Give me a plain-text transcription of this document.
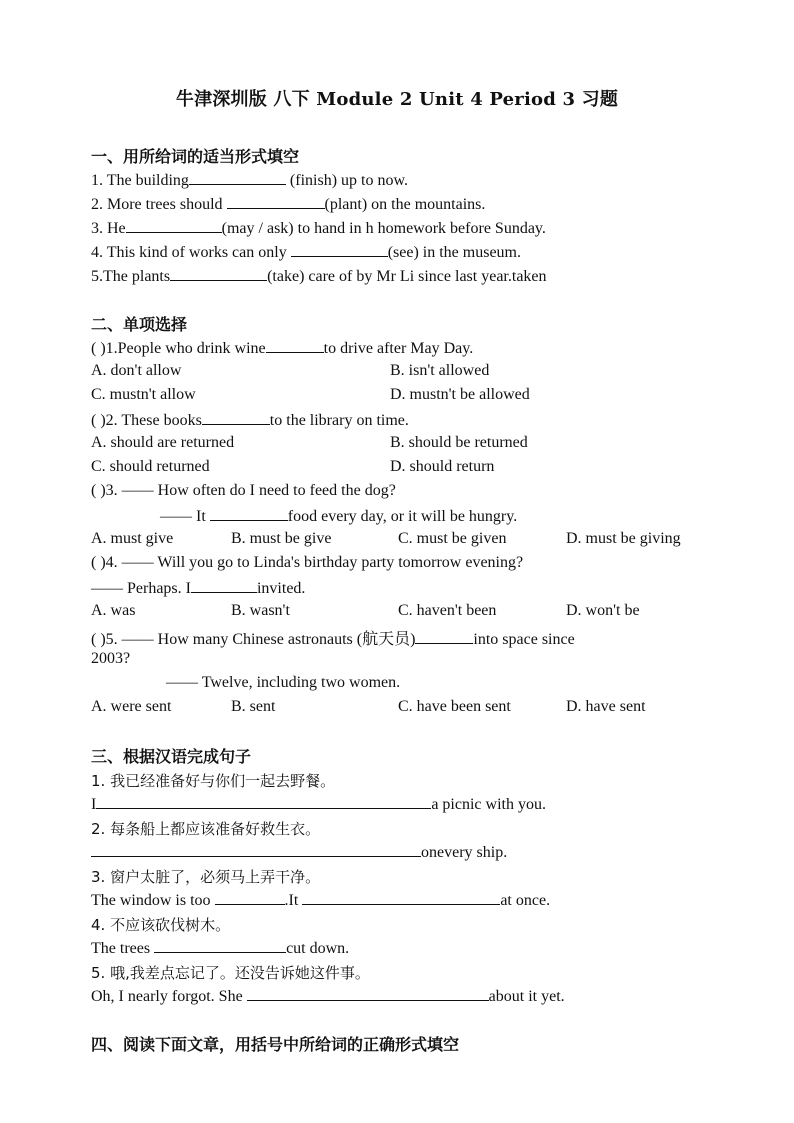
牛津深圳版 八下 Module 2 Unit 4 Period 3 习题
一、用所给词的适当形式填空
1. The building	(finish) up to now.
2. More trees should	(plant) on the mountains.
3. He	(may / ask) to hand in h homework before Sunday.
4. This kind of works can only	(see) in the museum.
5.The plants	(take) care of by Mr Li since last year.taken
二、单项选择
( )1.People who drink wine	to drive after May Day.
A. don't allow	B. isn't allowed
C. mustn't allow	D. mustn't be allowed
( )2. These books	to the library on time.
A. should are returned	B. should be returned
C. should returned	D. should return
( )3. —— How often do I need to feed the dog?
—— It	food every day, or it will be hungry.
A. must give	B. must be give	C. must be given	D. must be giving
( )4. —— Will you go to Linda's birthday party tomorrow evening?
—— Perhaps. I	invited.
A. was	B. wasn't	C. haven't been	D. won't be
( )5. —— How many Chinese astronauts (航天员)	into space since
2003?
—— Twelve, including two women.
A. were sent	B. sent	C. have been sent	D. have sent
三、根据汉语完成句子
1. 我已经准备好与你们一起去野餐。
I	a picnic with you.
2. 每条船上都应该准备好救生衣。
onevery ship.
3. 窗户太脏了，必须马上弄干净。
The window is too	.It	at once.
4. 不应该砍伐树木。
The trees	cut down.
5. 哦,我差点忘记了。还没告诉她这件事。
Oh, I nearly forgot. She	about it yet.
四、阅读下面文章，用括号中所给词的正确形式填空
